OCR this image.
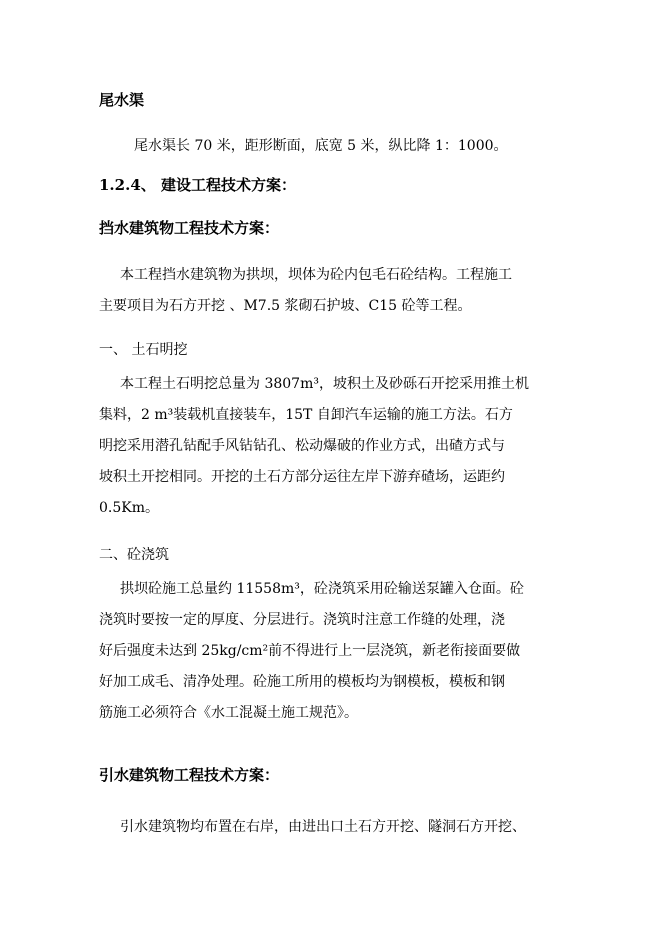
尾水渠

尾水渠长 70 米，距形断面，底宽 5 米，纵比降 1：1000。

1.2.4、 建设工程技术方案：

挡水建筑物工程技术方案：

本工程挡水建筑物为拱坝，坝体为砼内包毛石砼结构。工程施工
主要项目为石方开挖 、M7.5 浆砌石护坡、C15 砼等工程。

一、 土石明挖

本工程土石明挖总量为 3807m³，坡积土及砂砾石开挖采用推土机
集料，2 m³装载机直接装车，15T 自卸汽车运输的施工方法。石方
明挖采用潜孔钻配手风钻钻孔、松动爆破的作业方式，出碴方式与
坡积土开挖相同。开挖的土石方部分运往左岸下游弃碴场，运距约
0.5Km。

二、砼浇筑

拱坝砼施工总量约 11558m³，砼浇筑采用砼输送泵罐入仓面。砼
浇筑时要按一定的厚度、分层进行。浇筑时注意工作缝的处理，浇
好后强度未达到 25kg/cm²前不得进行上一层浇筑，新老衔接面要做
好加工成毛、清净处理。砼施工所用的模板均为钢模板，模板和钢
筋施工必须符合《水工混凝土施工规范》。

引水建筑物工程技术方案：

引水建筑物均布置在右岸，由进出口土石方开挖、隧洞石方开挖、
